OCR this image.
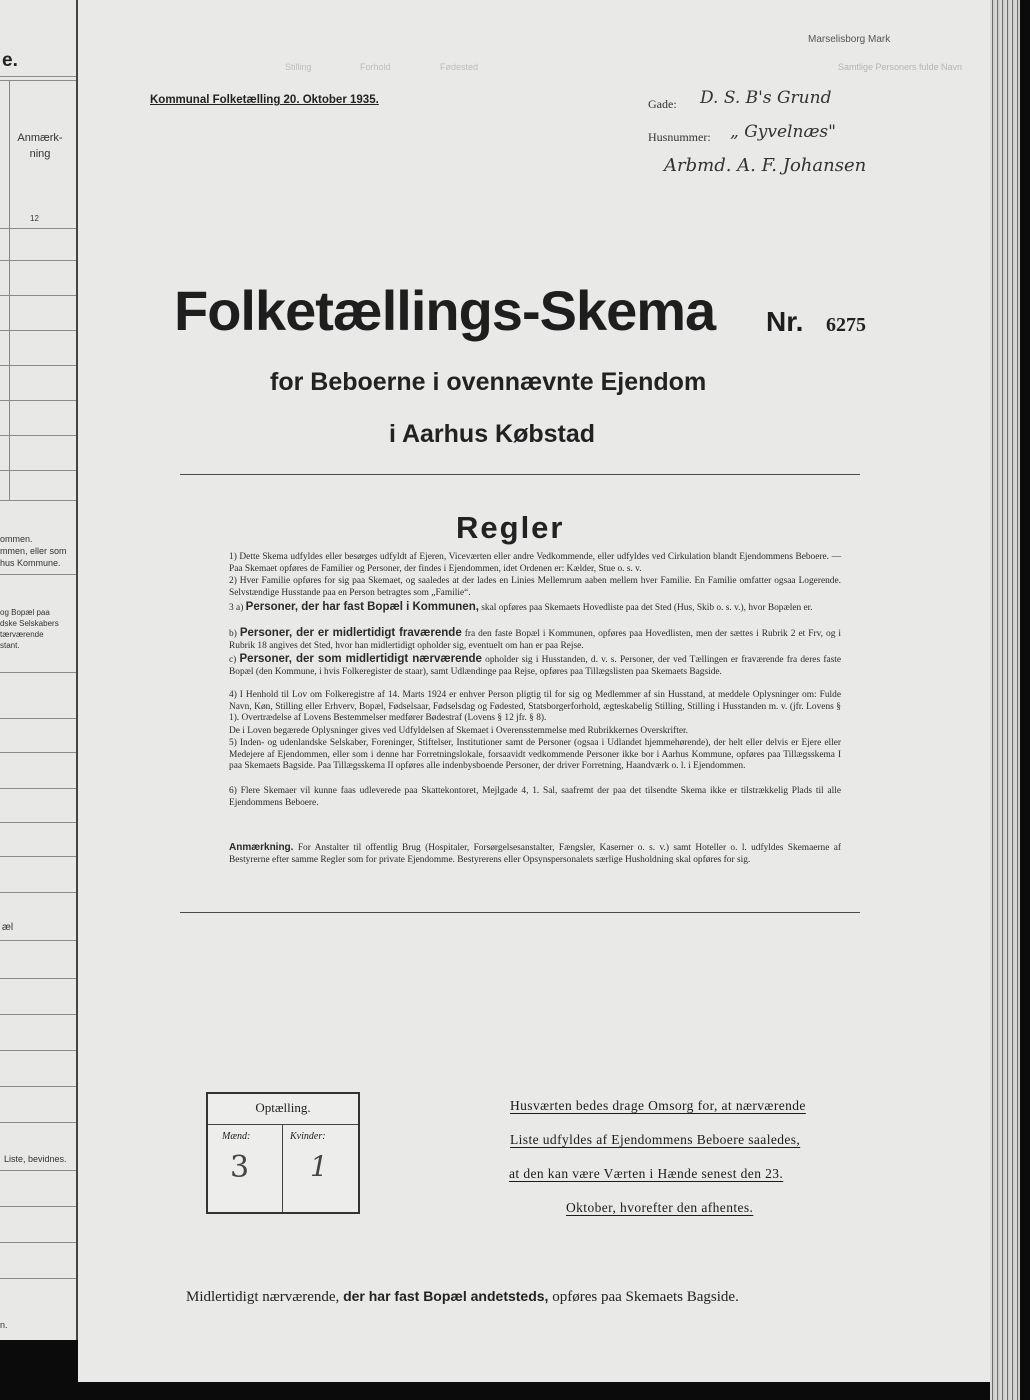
e.
Anmærk-
ning
12
ommen.
mmen, eller som
hus Kommune.
og Bopæl paa
dske Selskabers
tærværende
stant.
æl
Liste, bevidnes.
n.
Samtlige Personers fulde Navn
Fødested
Stilling	Forhold
Marselisborg Mark
Kommunal Folketælling 20. Oktober 1935.	Gade: D. S. B's Grund
Husnummer: „ Gyvelnæs"
Arbmd. A. F. Johansen
Folketællings-Skema Nr. 6275
for Beboerne i ovennævnte Ejendom
i Aarhus Købstad
Regler
1) Dette Skema udfyldes eller besørges udfyldt af Ejeren, Viceværten eller andre Vedkommende, eller udfyldes ved Cirkulation blandt Ejendommens Beboere. — Paa Skemaet opføres de Familier og Personer, der findes i Ejendommen, idet Ordenen er: Kælder, Stue o. s. v.
2) Hver Familie opføres for sig paa Skemaet, og saaledes at der lades en Linies Mellemrum aaben mellem hver Familie. En Familie omfatter ogsaa Logerende. Selvstændige Husstande paa en Person betragtes som „Familie“.
3 a) Personer, der har fast Bopæl i Kommunen, skal opføres paa Skemaets Hovedliste paa det Sted (Hus, Skib o. s. v.), hvor Bopælen er.
b) Personer, der er midlertidigt fraværende fra den faste Bopæl i Kommunen, opføres paa Hovedlisten, men der sættes i Rubrik 2 et Frv, og i Rubrik 18 angives det Sted, hvor han midlertidigt opholder sig, eventuelt om han er paa Rejse.
c) Personer, der som midlertidigt nærværende opholder sig i Husstanden, d. v. s. Personer, der ved Tællingen er fraværende fra deres faste Bopæl (den Kommune, i hvis Folkeregister de staar), samt Udlændinge paa Rejse, opføres paa Tillægslisten paa Skemaets Bagside.
4) I Henhold til Lov om Folkeregistre af 14. Marts 1924 er enhver Person pligtig til for sig og Medlemmer af sin Husstand, at meddele Oplysninger om: Fulde Navn, Køn, Stilling eller Erhverv, Bopæl, Fødselsaar, Fødselsdag og Fødested, Statsborgerforhold, ægteskabelig Stilling, Stilling i Husstanden m. v. (jfr. Lovens § 1). Overtrædelse af Lovens Bestemmelser medfører Bødestraf (Lovens § 12 jfr. § 8).
De i Loven begærede Oplysninger gives ved Udfyldelsen af Skemaet i Overensstemmelse med Rubrikkernes Overskrifter.
5) Inden- og udenlandske Selskaber, Foreninger, Stiftelser, Institutioner samt de Personer (ogsaa i Udlandet hjemmehørende), der helt eller delvis er Ejere eller Medejere af Ejendommen, eller som i denne har Forretningslokale, forsaavidt vedkommende Personer ikke bor i Aarhus Kommune, opføres paa Tillægsskema I paa Skemaets Bagside. Paa Tillægsskema II opføres alle indenbysboende Personer, der driver Forretning, Haandværk o. l. i Ejendommen.
6) Flere Skemaer vil kunne faas udleverede paa Skattekontoret, Mejlgade 4, 1. Sal, saafremt der paa det tilsendte Skema ikke er tilstrækkelig Plads til alle Ejendommens Beboere.
Anmærkning. For Anstalter til offentlig Brug (Hospitaler, Forsørgelsesanstalter, Fængsler, Kaserner o. s. v.) samt Hoteller o. l. udfyldes Skemaerne af Bestyrerne efter samme Regler som for private Ejendomme. Bestyrerens eller Opsynspersonalets særlige Husholdning skal opføres for sig.
Optælling.
Mænd:	Kvinder:
3 1
Husværten bedes drage Omsorg for, at nærværende
Liste udfyldes af Ejendommens Beboere saaledes,
at den kan være Værten i Hænde senest den 23.
Oktober, hvorefter den afhentes.
Midlertidigt nærværende, der har fast Bopæl andetsteds, opføres paa Skemaets Bagside.
